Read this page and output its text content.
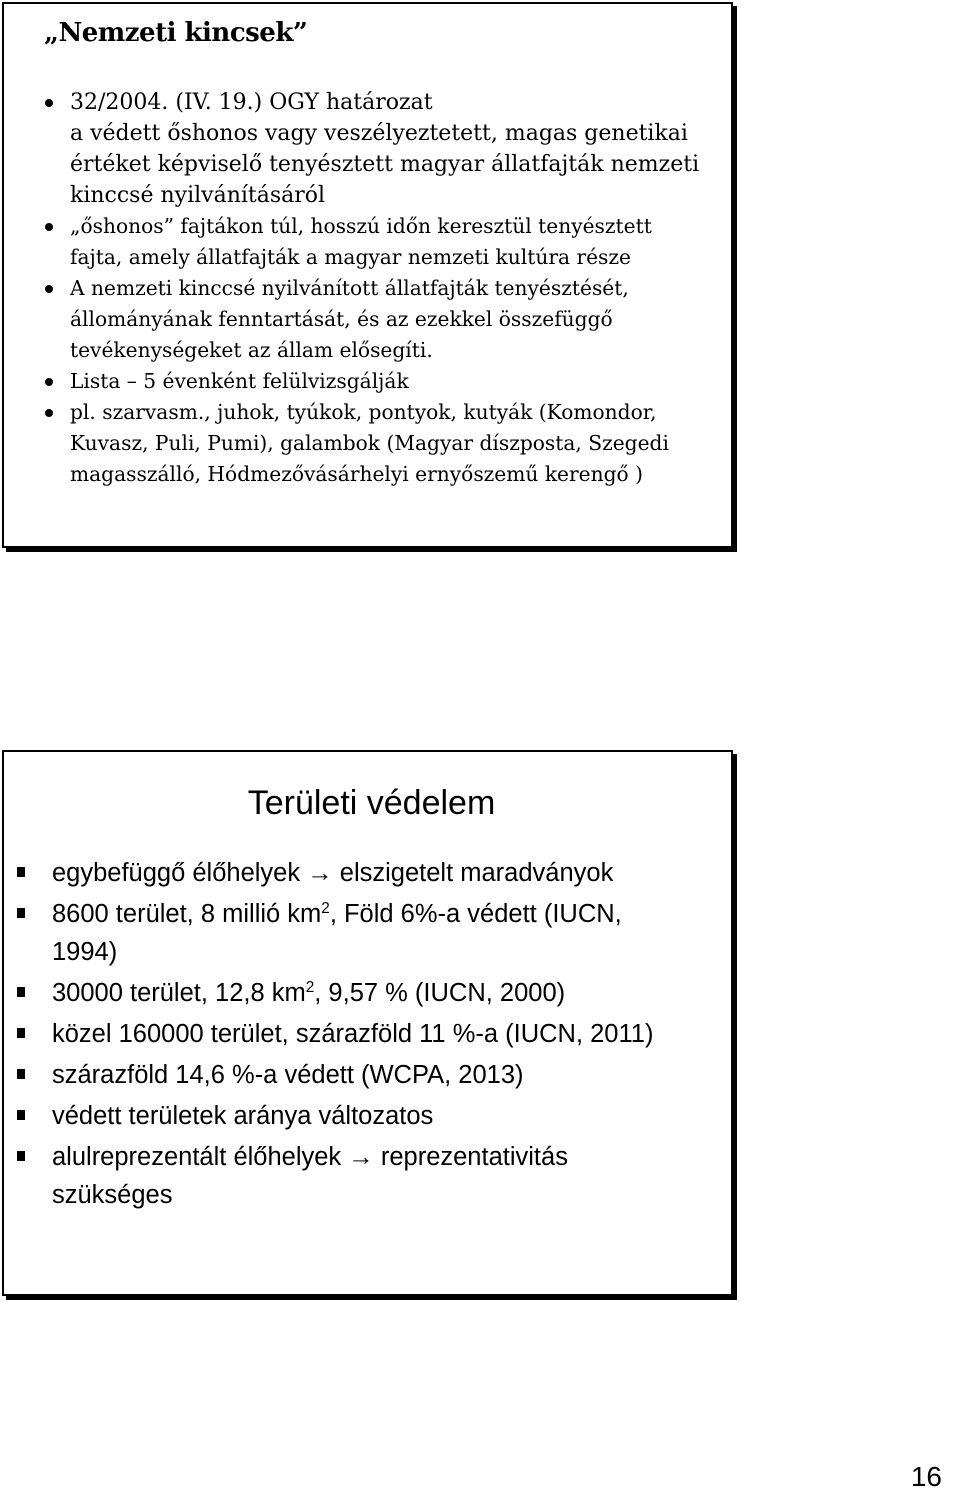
„Nemzeti kincsek”
32/2004. (IV. 19.) OGY határozat
a védett őshonos vagy veszélyeztetett, magas genetikai
értéket képviselő tenyésztett magyar állatfajták nemzeti
kinccsé nyilvánításáról
„őshonos” fajtákon túl, hosszú időn keresztül tenyésztett
fajta, amely állatfajták a magyar nemzeti kultúra része
A nemzeti kinccsé nyilvánított állatfajták tenyésztését,
állományának fenntartását, és az ezekkel összefüggő
tevékenységeket az állam elősegíti.
Lista – 5 évenként felülvizsgálják
pl. szarvasm., juhok, tyúkok, pontyok, kutyák (Komondor,
Kuvasz, Puli, Pumi), galambok (Magyar díszposta, Szegedi
magasszálló, Hódmezővásárhelyi ernyőszemű kerengő )
Területi védelem
egybefüggő élőhelyek → elszigetelt maradványok
8600 terület, 8 millió $km^2$, Föld 6%-a védett (IUCN,
1994)
30000 terület, 12,8 $km^2$, 9,57 % (IUCN, 2000)
közel 160000 terület, szárazföld 11 %-a (IUCN, 2011)
szárazföld 14,6 %-a védett (WCPA, 2013)
védett területek aránya változatos
alulreprezentált élőhelyek → reprezentativitás
szükséges
16
